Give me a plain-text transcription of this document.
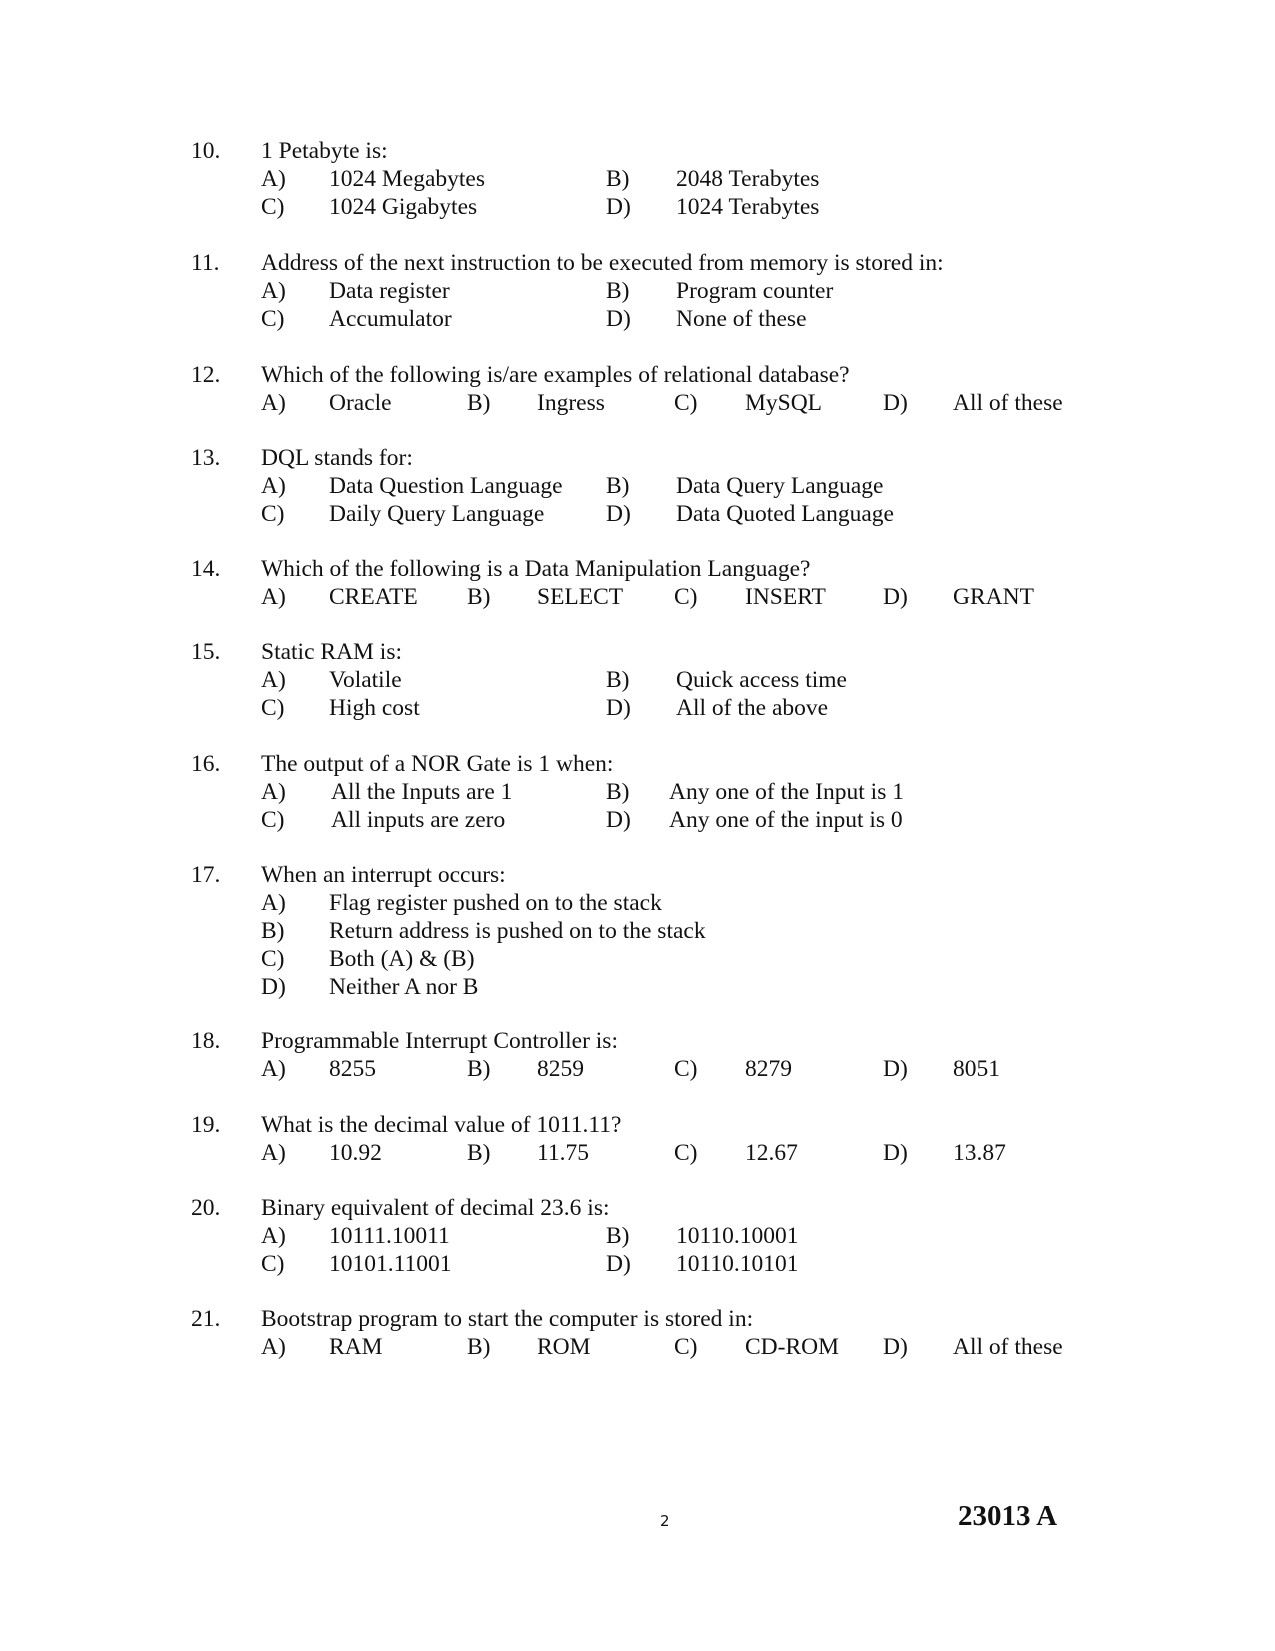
10. 1 Petabyte is:
A) 1024 Megabytes	B) 2048 Terabytes
C) 1024 Gigabytes	D) 1024 Terabytes
11. Address of the next instruction to be executed from memory is stored in:
A) Data register	B) Program counter
C) Accumulator	D) None of these
12. Which of the following is/are examples of relational database?
A) Oracle	B) Ingress	C) MySQL	D) All of these
13. DQL stands for:
A) Data Question Language B) Data Query Language
C) Daily Query Language	D) Data Quoted Language
14. Which of the following is a Data Manipulation Language?
A) CREATE B) SELECT C) INSERT D) GRANT
15. Static RAM is:
A) Volatile	B) Quick access time
C) High cost	D) All of the above
16. The output of a NOR Gate is 1 when:
A) All the Inputs are 1	B) Any one of the Input is 1
C) All inputs are zero	D) Any one of the input is 0
17. When an interrupt occurs:
A) Flag register pushed on to the stack
B) Return address is pushed on to the stack
C) Both (A) & (B)
D) Neither A nor B
18. Programmable Interrupt Controller is:
A) 8255	B) 8259	C) 8279	D) 8051
19. What is the decimal value of 1011.11?
A) 10.92	B) 11.75	C) 12.67	D) 13.87
20. Binary equivalent of decimal 23.6 is:
A) 10111.10011	B) 10110.10001
C) 10101.11001	D) 10110.10101
21. Bootstrap program to start the computer is stored in:
A) RAM	B) ROM	C) CD-ROM D) All of these
2	23013 A
